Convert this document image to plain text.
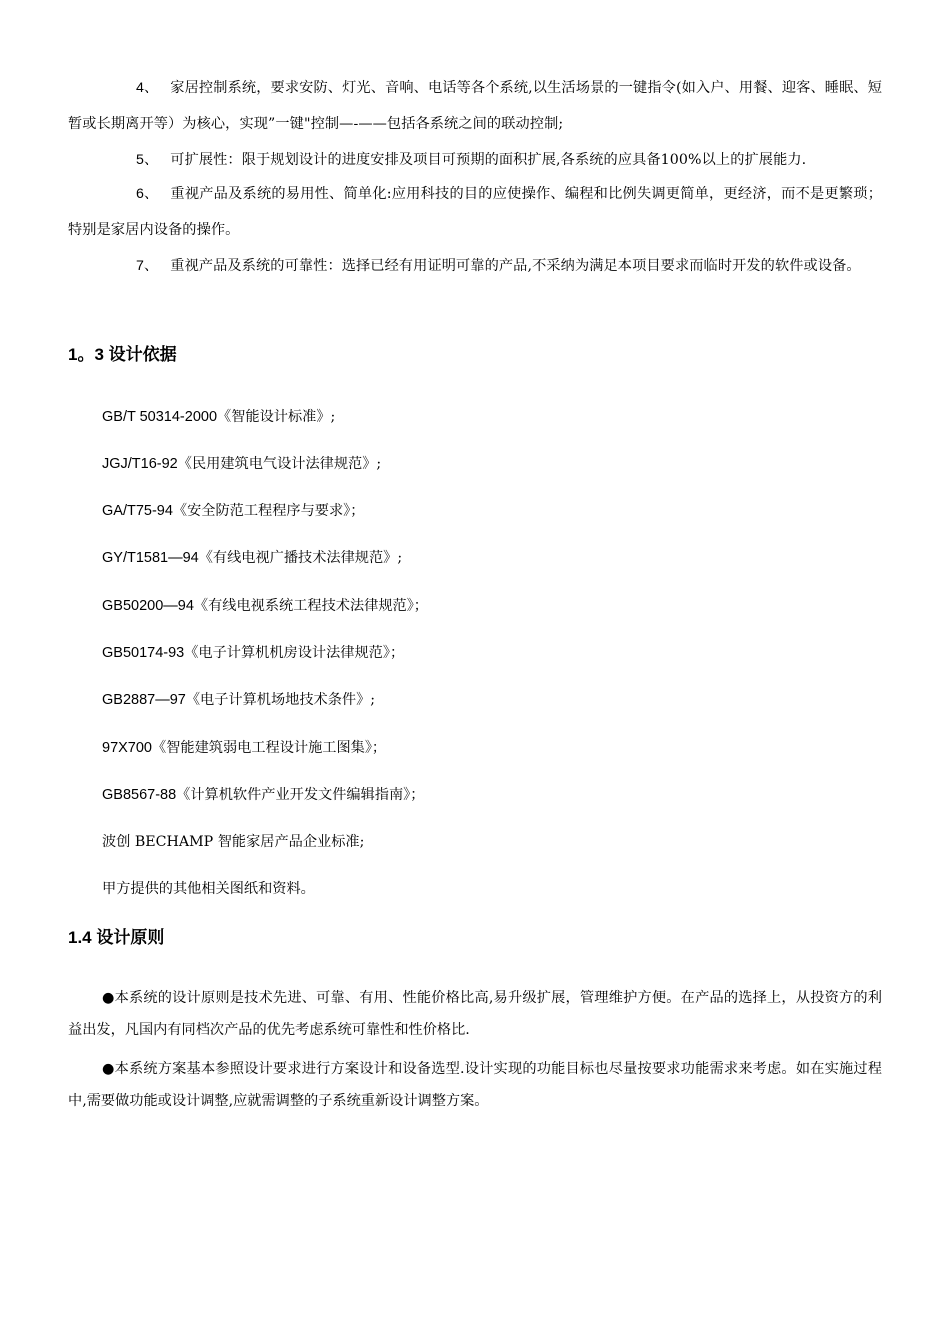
4、 家居控制系统，要求安防、灯光、音响、电话等各个系统,以生活场景的一键指令(如入户、用餐、迎客、睡眠、短暂或长期离开等）为核心，实现”一键"控制—-——包括各系统之间的联动控制;

5、 可扩展性：限于规划设计的进度安排及项目可预期的面积扩展,各系统的应具备100%以上的扩展能力.

6、 重视产品及系统的易用性、简单化:应用科技的目的应使操作、编程和比例失调更简单，更经济，而不是更繁琐；特别是家居内设备的操作。

7、 重视产品及系统的可靠性：选择已经有用证明可靠的产品,不采纳为满足本项目要求而临时开发的软件或设备。

1。3 设计依据

GB/T 50314-2000《智能设计标准》;

JGJ/T16-92《民用建筑电气设计法律规范》;

GA/T75-94《安全防范工程程序与要求》；

GY/T1581—94《有线电视广播技术法律规范》;

GB50200—94《有线电视系统工程技术法律规范》；

GB50174-93《电子计算机机房设计法律规范》；

GB2887—97《电子计算机场地技术条件》;

97X700《智能建筑弱电工程设计施工图集》；

GB8567-88《计算机软件产业开发文件编辑指南》；

波创 BECHAMP 智能家居产品企业标准;

甲方提供的其他相关图纸和资料。

1.4 设计原则

●本系统的设计原则是技术先进、可靠、有用、性能价格比高,易升级扩展，管理维护方便。在产品的选择上，从投资方的利益出发，凡国内有同档次产品的优先考虑系统可靠性和性价格比.

●本系统方案基本参照设计要求进行方案设计和设备选型.设计实现的功能目标也尽量按要求功能需求来考虑。如在实施过程中,需要做功能或设计调整,应就需调整的子系统重新设计调整方案。
